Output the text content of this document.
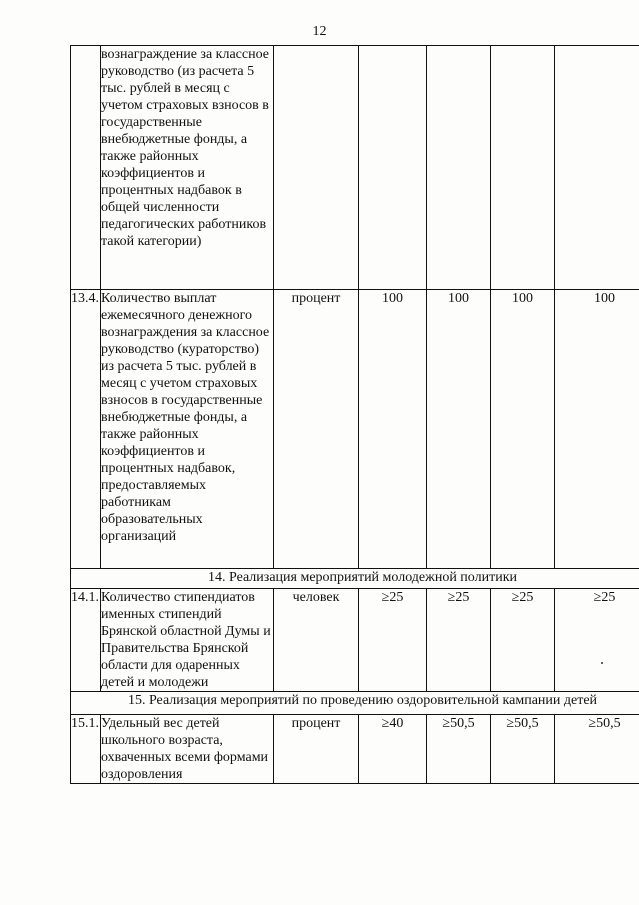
12
	вознаграждение за классное руководство (из расчета 5 тыс. рублей в месяц с учетом страховых взносов в государственные внебюджетные фонды, а также районных коэффициентов и процентных надбавок в общей численности педагогических работников такой категории)					
13.4.	Количество выплат ежемесячного денежного вознаграждения за классное руководство (кураторство) из расчета 5 тыс. рублей в месяц с учетом страховых взносов в государственные внебюджетные фонды, а также районных коэффициентов и процентных надбавок, предоставляемых работникам образовательных организаций	процент	100	100	100	100
14. Реализация мероприятий молодежной политики						
14.1.	Количество стипендиатов именных стипендий Брянской областной Думы и Правительства Брянской области для одаренных детей и молодежи	человек	≥25	≥25	≥25	≥25
15. Реализация мероприятий по проведению оздоровительной кампании детей						
15.1.	Удельный вес детей школьного возраста, охваченных всеми формами оздоровления	процент	≥40	≥50,5	≥50,5	≥50,5
